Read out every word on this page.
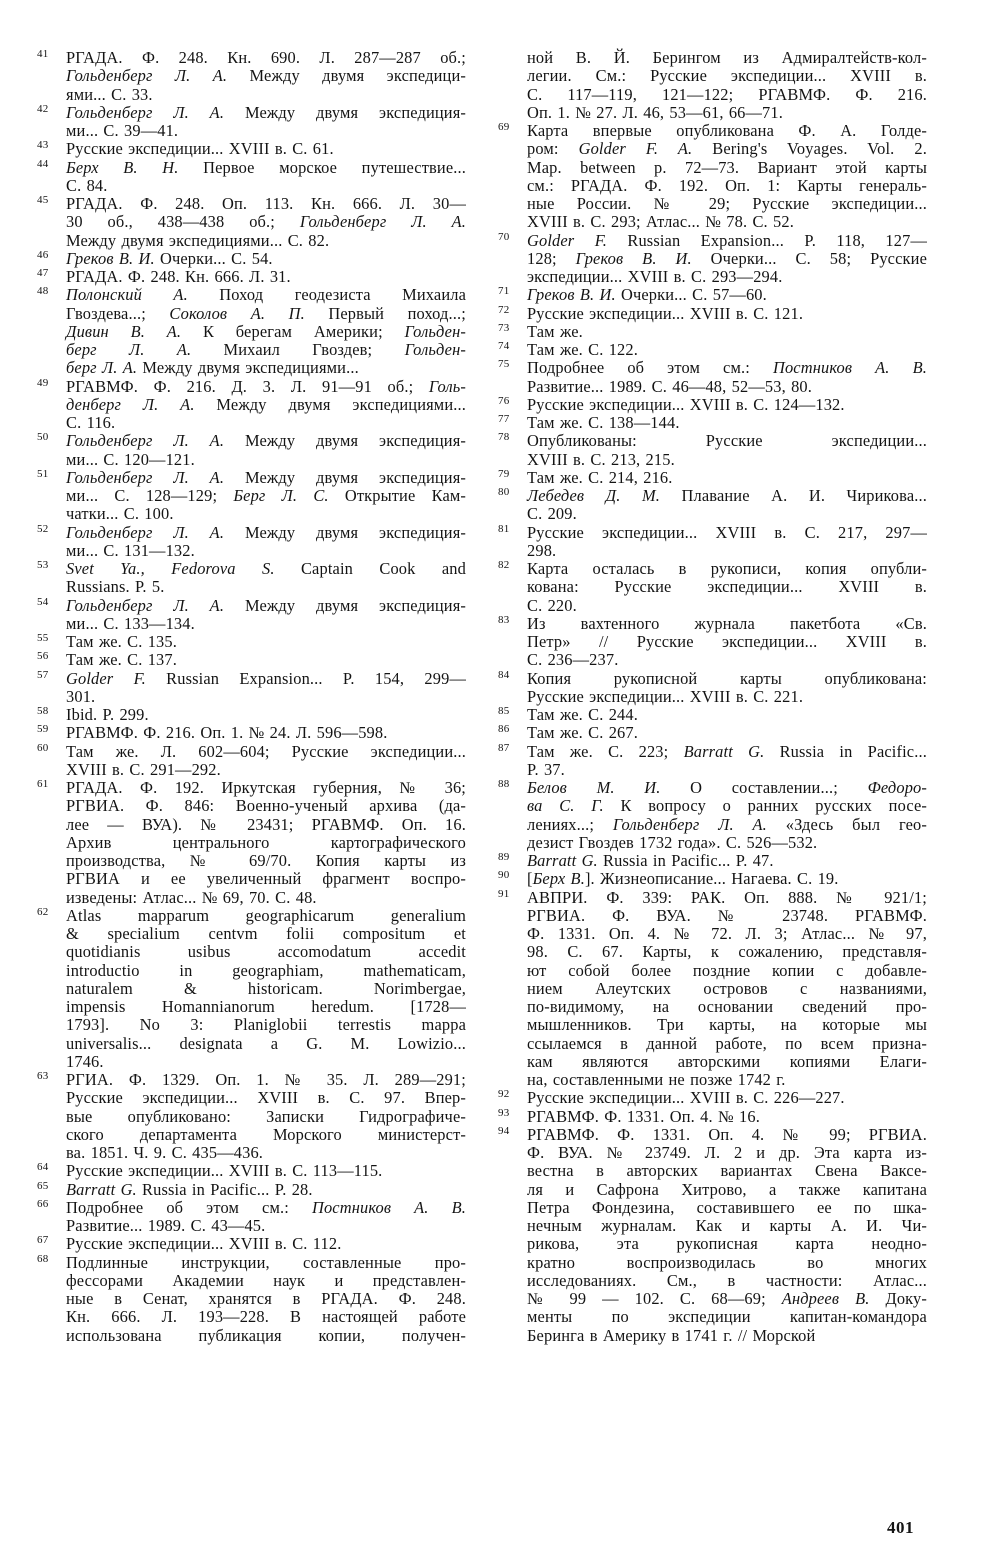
41 РГАДА. Ф. 248. Кн. 690. Л. 287—287 об.;
Гольденберг Л. А. Между двумя экспедици-
ями... С. 33.
42 Гольденберг Л. А. Между двумя экспедиция-
ми... С. 39—41.
43 Русские экспедиции... XVIII в. С. 61.
44 Берх В. Н. Первое морское путешествие...
С. 84.
45 РГАДА. Ф. 248. Оп. 113. Кн. 666. Л. 30—
30 об., 438—438 об.; Гольденберг Л. А.
Между двумя экспедициями... С. 82.
46 Греков В. И. Очерки... С. 54.
47 РГАДА. Ф. 248. Кн. 666. Л. 31.
48 Полонский А. Поход геодезиста Михаила
Гвоздева...; Соколов А. П. Первый поход...;
Дивин В. А. К берегам Америки; Гольден-
берг Л. А. Михаил Гвоздев; Гольден-
берг Л. А. Между двумя экспедициями...
49 РГАВМФ. Ф. 216. Д. 3. Л. 91—91 об.; Голь-
денберг Л. А. Между двумя экспедициями...
С. 116.
50 Гольденберг Л. А. Между двумя экспедиция-
ми... С. 120—121.
51 Гольденберг Л. А. Между двумя экспедиция-
ми... С. 128—129; Берг Л. С. Открытие Кам-
чатки... С. 100.
52 Гольденберг Л. А. Между двумя экспедиция-
ми... С. 131—132.
53 Svet Ya., Fedorova S. Captain Cook and
Russians. P. 5.
54 Гольденберг Л. А. Между двумя экспедиция-
ми... С. 133—134.
55 Там же. С. 135.
56 Там же. С. 137.
57 Golder F. Russian Expansion... P. 154, 299—
301.
58 Ibid. P. 299.
59 РГАВМФ. Ф. 216. Оп. 1. № 24. Л. 596—598.
60 Там же. Л. 602—604; Русские экспедиции...
XVIII в. С. 291—292.
61 РГАДА. Ф. 192. Иркутская губерния, № 36;
РГВИА. Ф. 846: Военно-ученый архива (да-
лее — ВУА). № 23431; РГАВМФ. Оп. 16.
Архив центрального картографического
производства, № 69/70. Копия карты из
РГВИА и ее увеличенный фрагмент воспро-
изведены: Атлас... № 69, 70. С. 48.
62 Atlas mapparum geographicarum generalium
& specialium centvm folii compositum et
quotidianis usibus accomodatum accedit
introductio in geographiam, mathematicam,
naturalem & historicam. Norimbergae,
impensis Homannianorum heredum. [1728—
1793]. No 3: Planiglobii terrestis mappa
universalis... designata a G. M. Lowizio...
1746.
63 РГИА. Ф. 1329. Оп. 1. № 35. Л. 289—291;
Русские экспедиции... XVIII в. С. 97. Впер-
вые опубликовано: Записки Гидрографиче-
ского департамента Морского министерст-
ва. 1851. Ч. 9. С. 435—436.
64 Русские экспедиции... XVIII в. С. 113—115.
65 Barratt G. Russia in Pacific... P. 28.
66 Подробнее об этом см.: Постников А. В.
Развитие... 1989. С. 43—45.
67 Русские экспедиции... XVIII в. С. 112.
68 Подлинные инструкции, составленные про-
фессорами Академии наук и представлен-
ные в Сенат, хранятся в РГАДА. Ф. 248.
Кн. 666. Л. 193—228. В настоящей работе
использована публикация копии, получен-
ной В. Й. Берингом из Адмиралтейств-кол-
легии. См.: Русские экспедиции... XVIII в.
С. 117—119, 121—122; РГАВМФ. Ф. 216.
Оп. 1. № 27. Л. 46, 53—61, 66—71.
69 Карта впервые опубликована Ф. А. Голде-
ром: Golder F. A. Bering's Voyages. Vol. 2.
Map. between p. 72—73. Вариант этой карты
см.: РГАДА. Ф. 192. Оп. 1: Карты генераль-
ные России. № 29; Русские экспедиции...
XVIII в. С. 293; Атлас... № 78. С. 52.
70 Golder F. Russian Expansion... P. 118, 127—
128; Греков В. И. Очерки... С. 58; Русские
экспедиции... XVIII в. С. 293—294.
71 Греков В. И. Очерки... С. 57—60.
72 Русские экспедиции... XVIII в. С. 121.
73 Там же.
74 Там же. С. 122.
75 Подробнее об этом см.: Постников А. В.
Развитие... 1989. С. 46—48, 52—53, 80.
76 Русские экспедиции... XVIII в. С. 124—132.
77 Там же. С. 138—144.
78 Опубликованы: Русские экспедиции...
XVIII в. С. 213, 215.
79 Там же. С. 214, 216.
80 Лебедев Д. М. Плавание А. И. Чирикова...
С. 209.
81 Русские экспедиции... XVIII в. С. 217, 297—
298.
82 Карта осталась в рукописи, копия опубли-
кована: Русские экспедиции... XVIII в.
С. 220.
83 Из вахтенного журнала пакетбота «Св.
Петр» // Русские экспедиции... XVIII в.
С. 236—237.
84 Копия рукописной карты опубликована:
Русские экспедиции... XVIII в. С. 221.
85 Там же. С. 244.
86 Там же. С. 267.
87 Там же. С. 223; Barratt G. Russia in Pacific...
P. 37.
88 Белов М. И. О составлении...; Федоро-
ва С. Г. К вопросу о ранних русских посе-
лениях...; Гольденберг Л. А. «Здесь был гео-
дезист Гвоздев 1732 года». С. 526—532.
89 Barratt G. Russia in Pacific... P. 47.
90 [Берх В.]. Жизнеописание... Нагаева. С. 19.
91 АВПРИ. Ф. 339: РАК. Оп. 888. № 921/1;
РГВИА. Ф. ВУА. № 23748. РГАВМФ.
Ф. 1331. Оп. 4. № 72. Л. 3; Атлас... № 97,
98. С. 67. Карты, к сожалению, представля-
ют собой более поздние копии с добавле-
нием Алеутских островов с названиями,
по-видимому, на основании сведений про-
мышленников. Три карты, на которые мы
ссылаемся в данной работе, по всем призна-
кам являются авторскими копиями Елаги-
на, составленными не позже 1742 г.
92 Русские экспедиции... XVIII в. С. 226—227.
93 РГАВМФ. Ф. 1331. Оп. 4. № 16.
94 РГАВМФ. Ф. 1331. Оп. 4. № 99; РГВИА.
Ф. ВУА. № 23749. Л. 2 и др. Эта карта из-
вестна в авторских вариантах Свена Ваксе-
ля и Сафрона Хитрово, а также капитана
Петра Фондезина, составившего ее по шка-
нечным журналам. Как и карты А. И. Чи-
рикова, эта рукописная карта неодно-
кратно воспроизводилась во многих
исследованиях. См., в частности: Атлас...
№ 99 — 102. С. 68—69; Андреев В. Доку-
менты по экспедиции капитан-командора
Беринга в Америку в 1741 г. // Морской
401
